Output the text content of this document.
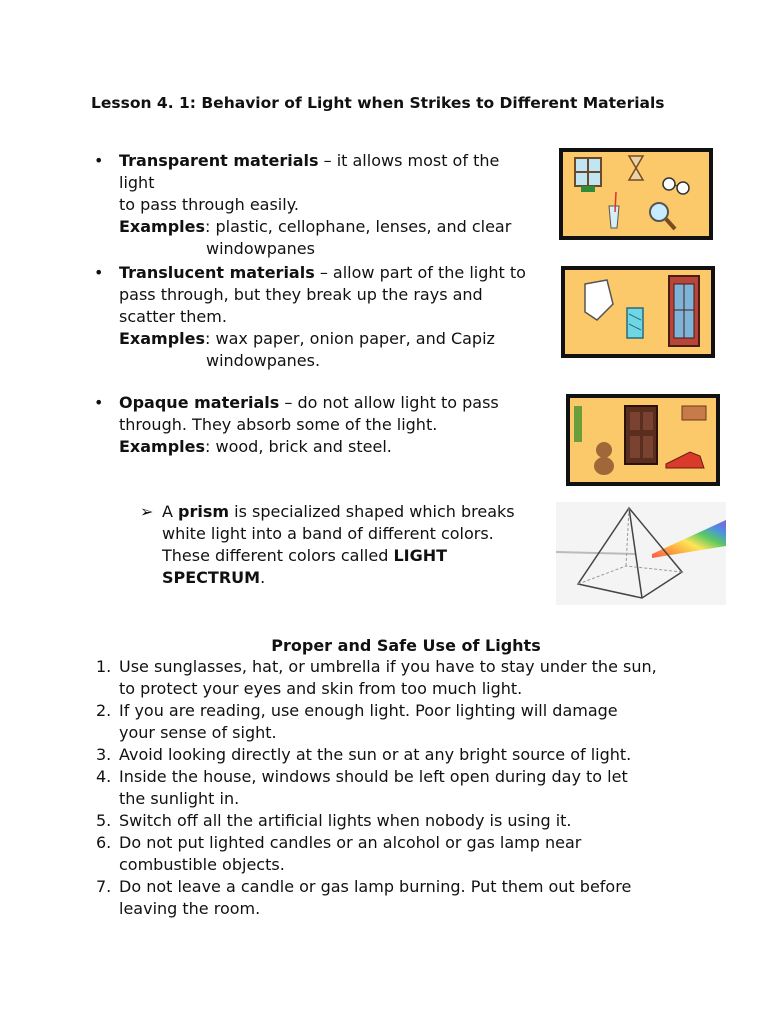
Lesson 4. 1: Behavior of Light when Strikes to Different Materials
• Transparent materials – it allows most of the light
to pass through easily.
Examples: plastic, cellophane, lenses, and clear
windowpanes
• Translucent materials – allow part of the light to
pass through, but they break up the rays and
scatter them.
Examples: wax paper, onion paper, and Capiz
windowpanes.
• Opaque materials – do not allow light to pass
through. They absorb some of the light.
Examples: wood, brick and steel.
➢ A prism is specialized shaped which breaks
white light into a band of different colors.
These different colors called LIGHT
SPECTRUM.
Proper and Safe Use of Lights
1. Use sunglasses, hat, or umbrella if you have to stay under the sun,
to protect your eyes and skin from too much light.
2. If you are reading, use enough light. Poor lighting will damage
your sense of sight.
3. Avoid looking directly at the sun or at any bright source of light.
4. Inside the house, windows should be left open during day to let
the sunlight in.
5. Switch off all the artificial lights when nobody is using it.
6. Do not put lighted candles or an alcohol or gas lamp near
combustible objects.
7. Do not leave a candle or gas lamp burning. Put them out before
leaving the room.
